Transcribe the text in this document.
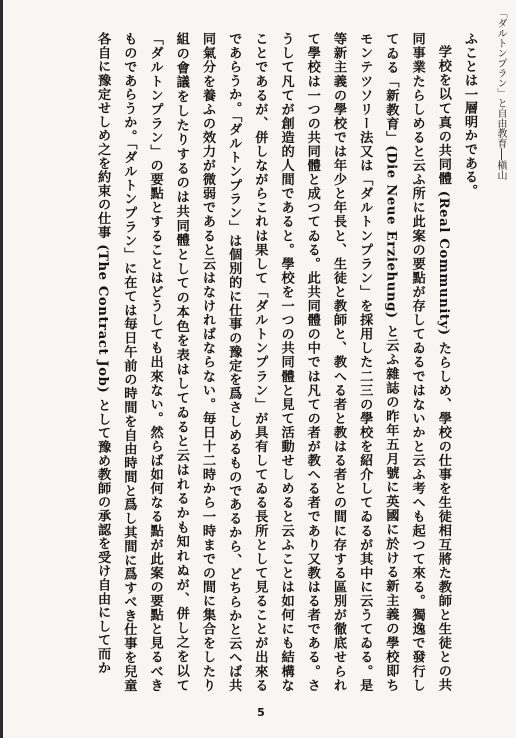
「ダルトンプラン」と自由教育──槇山

ふことは一層明かである。

学校を以て真の共同體 (Real Community) たらしめ、學校の仕事を生徒相互將た教師と生徒との共同事業たらしめると云ふ所に此案の要點が存してゐるではないかと云ふ考へも起つて來る。獨逸で發行してゐる「新教育」(Die Neue Erziehung) と云ふ雜誌の昨年五月號に英國に於ける新主義の學校即ちモンテツソリー法又は「ダルトンプラン」を採用した二三の學校を紹介してゐるが其中に云うてゐる。是等新主義の學校では年少と年長と、生徒と教師と、教へる者と教はる者との間に存する區別が徹底せられて學校は一つの共同體と成つてゐる。此共同體の中では凡ての者が教へる者であり又教はる者である。さうして凡てが創造的人間であると。學校を一つの共同體と見て活動せしめると云ふことは如何にも結構なことであるが、併しながらこれは果して「ダルトンプラン」が具有してゐる長所として見ることが出來るであらうか。「ダルトンプラン」は個別的に仕事の豫定を爲さしめるものであるから、どちらかと云へば共同氣分を養ふの效力が微弱であると云はなければならない。毎日十二時から一時までの間に集合をしたり組の會議をしたりするのは共同體としての本色を表はしてゐると云はれるかも知れぬが、併し之を以て「ダルトンプラン」の要點とすることはどうしても出來ない。然らば如何なる點が此案の要點と見るべきものであらうか。「ダルトンプラン」に在ては毎日午前の時間を自由時間と爲し其間に爲すべき仕事を兒童各自に豫定せしめ之を約束の仕事 (The Contract Job) として豫め教師の承認を受け自由にして而か

5
